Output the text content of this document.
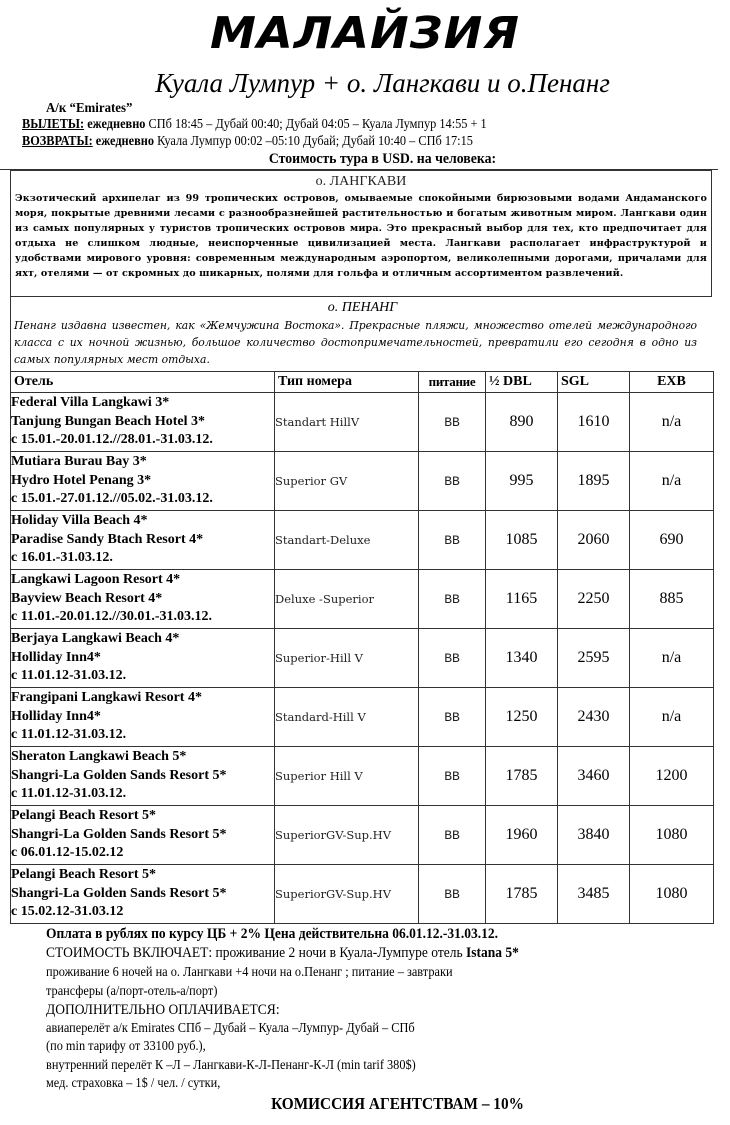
МАЛАЙЗИЯ
Куала Лумпур + о. Лангкави и о.Пенанг
А/к “Emirates”
ВЫЛЕТЫ: ежедневно СПб 18:45 – Дубай 00:40; Дубай 04:05 – Куала Лумпур 14:55 + 1
ВОЗВРАТЫ: ежедневно Куала Лумпур 00:02 –05:10 Дубай; Дубай 10:40 – СПб 17:15
Стоимость тура в USD. на человека:
о. ЛАНГКАВИ
Экзотический архипелаг из 99 тропических островов, омываемые спокойными бирюзовыми водами Андаманского моря, покрытые древними лесами с разнообразнейшей растительностью и богатым животным миром. Лангкави один из самых популярных у туристов тропических островов мира. Это прекрасный выбор для тех, кто предпочитает для отдыха не слишком людные, неиспорченные цивилизацией места. Лангкави располагает инфраструктурой и удобствами мирового уровня: современным международным аэропортом, великолепными дорогами, причалами для яхт, отелями — от скромных до шикарных, полями для гольфа и отличным ассортиментом развлечений.
о. ПЕНАНГ
Пенанг издавна известен, как «Жемчужина Востока». Прекрасные пляжи, множество отелей международного класса с их ночной жизнью, большое количество достопримечательностей, превратили его сегодня в одно из самых популярных мест отдыха.
Отель	Тип номера	питание	½ DBL	SGL	EXB

Federal Villa Langkawi 3*
Tanjung Bungan Beach Hotel 3*
с 15.01.-20.01.12.//28.01.-31.03.12.	Standart HillV	BB	890	1610	n/a

Mutiara Burau Bay 3*
Hydro Hotel Penang 3*
с 15.01.-27.01.12.//05.02.-31.03.12.	Superior GV	BB	995	1895	n/a

Holiday Villa Beach 4*
Paradise Sandy Btach Resort 4*
с 16.01.-31.03.12.	Standart-Deluxe	BB	1085	2060	690

Langkawi Lagoon Resort 4*
Bayview Beach Resort 4*
с 11.01.-20.01.12.//30.01.-31.03.12.	Deluxe -Superior	BB	1165	2250	885

Berjaya Langkawi Beach 4*
Holliday Inn4*
с 11.01.12-31.03.12.	Superior-Hill V	BB	1340	2595	n/a

Frangipani Langkawi Resort 4*
Holliday Inn4*
с 11.01.12-31.03.12.	Standard-Hill V	BB	1250	2430	n/a

Sheraton Langkawi Beach 5*
Shangri-La Golden Sands Resort 5*
с 11.01.12-31.03.12.	Superior Hill V	BB	1785	3460	1200

Pelangi Beach Resort 5*
Shangri-La Golden Sands Resort 5*
с 06.01.12-15.02.12	SuperiorGV-Sup.HV	BB	1960	3840	1080

Pelangi Beach Resort 5*
Shangri-La Golden Sands Resort 5*
с 15.02.12-31.03.12	SuperiorGV-Sup.HV	BB	1785	3485	1080
Оплата в рублях по курсу ЦБ + 2% Цена действительна 06.01.12.-31.03.12.
СТОИМОСТЬ ВКЛЮЧАЕТ: проживание 2 ночи в Куала-Лумпуре отель Istana 5*
проживание 6 ночей на о. Лангкави +4 ночи на о.Пенанг ; питание – завтраки
трансферы (а/порт-отель-а/порт)
ДОПОЛНИТЕЛЬНО ОПЛАЧИВАЕТСЯ:
авиаперелёт а/к Emirates СПб – Дубай – Куала –Лумпур- Дубай – СПб
(по min тарифу от 33100 руб.),
внутренний перелёт К –Л – Лангкави-К-Л-Пенанг-К-Л (min tarif 380$)
мед. страховка – 1$ / чел. / сутки,
КОМИССИЯ АГЕНТСТВАМ – 10%
